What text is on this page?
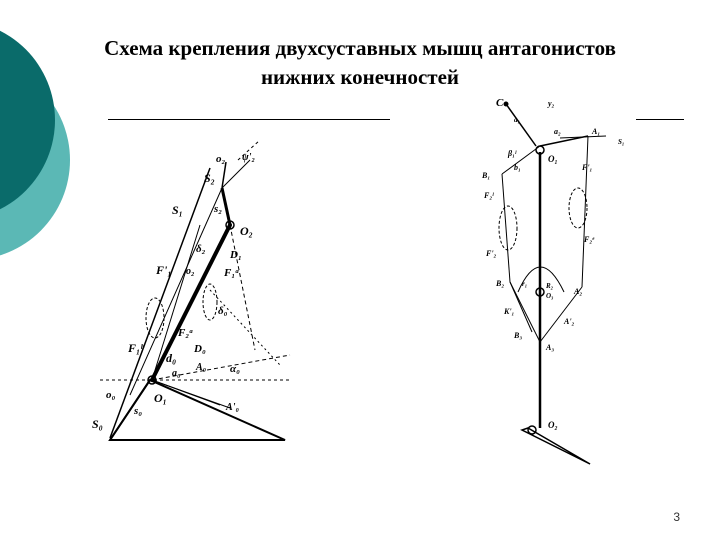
Схема крепления двухсуставных мышц антагонистов
нижних конечностей
o₂ ψ'₂
S₂
s₂
S₁
O₂
δ₂ D₁
F'₁ o₂	F₁ᵃ
δ₀
F₂ᵃ
D₀
F₁ᵇ
d₀
a₀
A₀ α₀
o₀	O₁
s₀	A'₀
S₀
C
a₁
y₂
a₂	A₁
S₁
β₁ˡ
b₁
O₁
B₁
F'₁
F₂ˡ
F₂ᵉ
F'₂
B₂	r₁	R₂
O₃	A₂
K'₁
A'₂
B₃
A₃
O₂
3
